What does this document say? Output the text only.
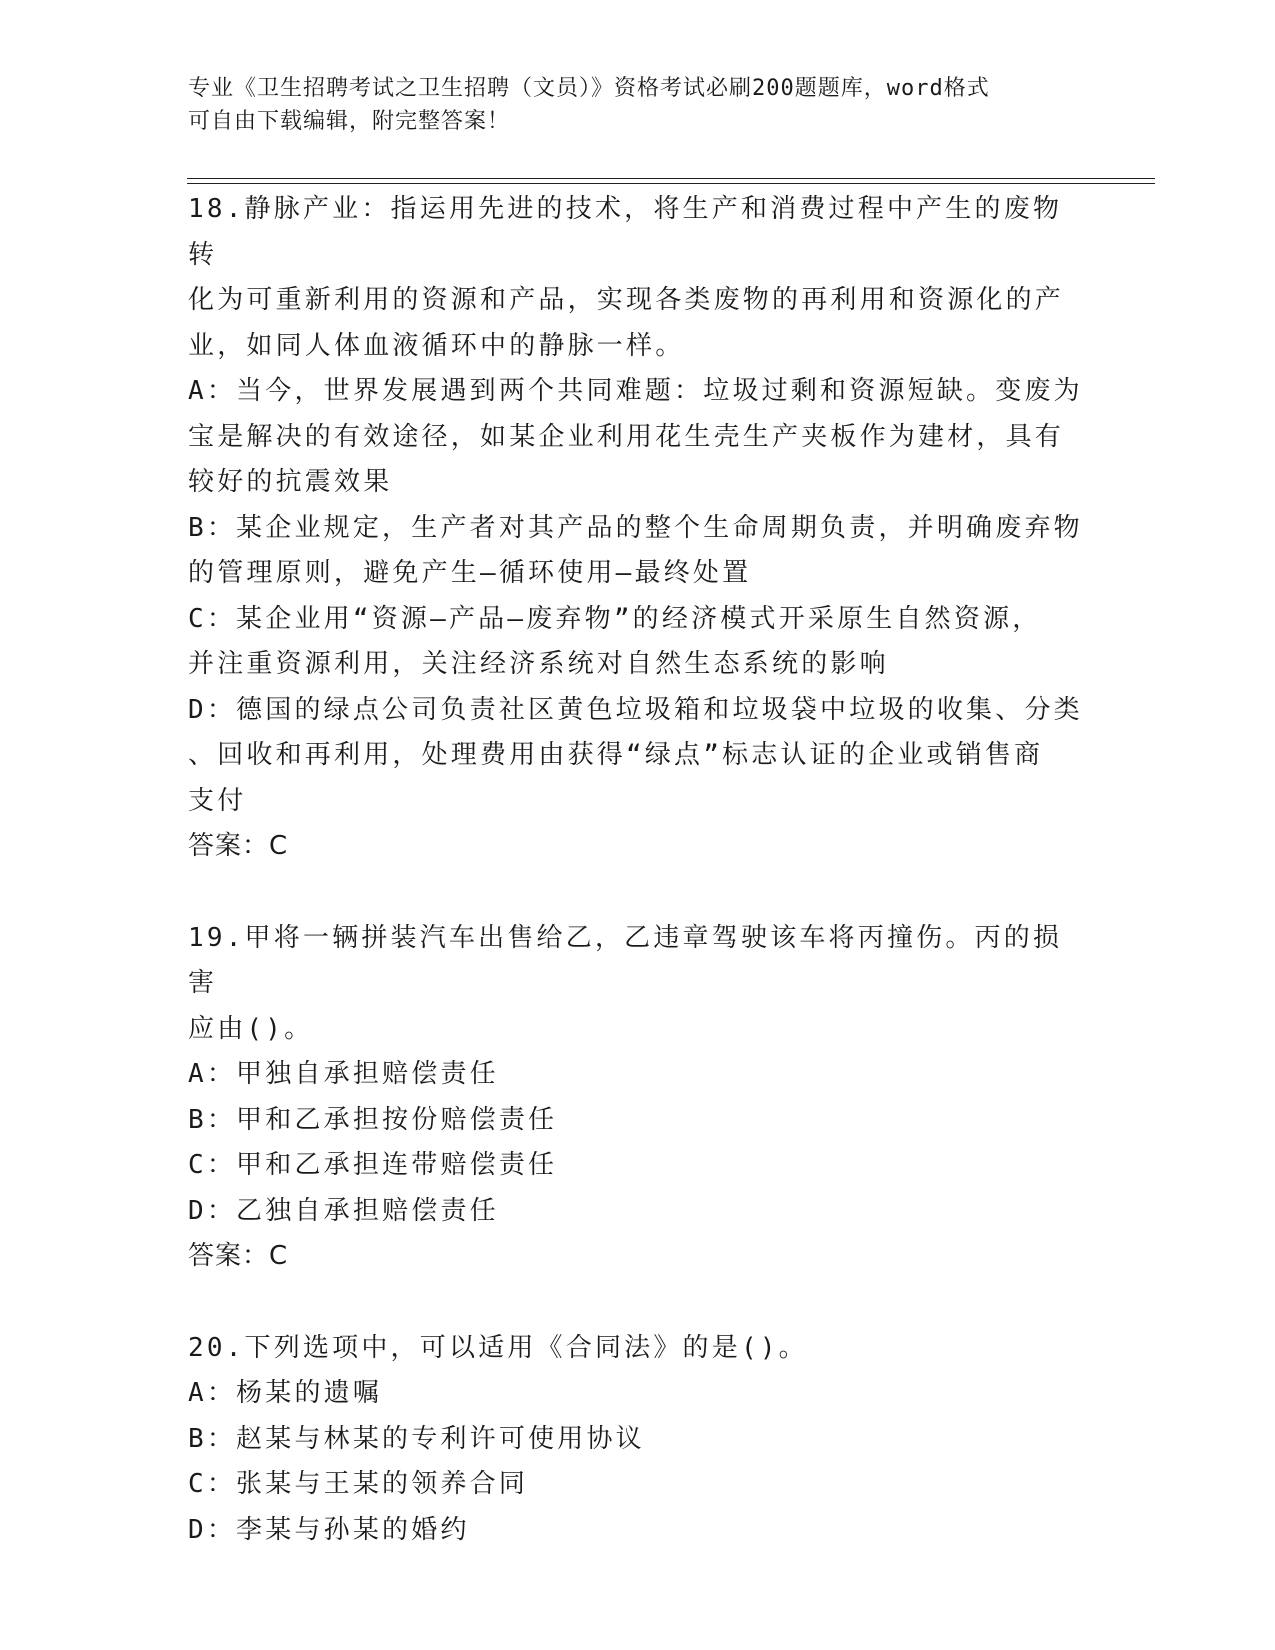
专业《卫生招聘考试之卫生招聘（文员）》资格考试必刷200题题库，word格式
可自由下载编辑，附完整答案！
18.静脉产业：指运用先进的技术，将生产和消费过程中产生的废物转
化为可重新利用的资源和产品，实现各类废物的再利用和资源化的产
业，如同人体血液循环中的静脉一样。
A：当今，世界发展遇到两个共同难题：垃圾过剩和资源短缺。变废为
宝是解决的有效途径，如某企业利用花生壳生产夹板作为建材，具有
较好的抗震效果
B：某企业规定，生产者对其产品的整个生命周期负责，并明确废弃物
的管理原则，避免产生—循环使用—最终处置
C：某企业用“资源—产品—废弃物”的经济模式开采原生自然资源，
并注重资源利用，关注经济系统对自然生态系统的影响
D：德国的绿点公司负责社区黄色垃圾箱和垃圾袋中垃圾的收集、分类
、回收和再利用，处理费用由获得“绿点”标志认证的企业或销售商
支付
答案：C
19.甲将一辆拼装汽车出售给乙，乙违章驾驶该车将丙撞伤。丙的损害
应由()。
A：甲独自承担赔偿责任
B：甲和乙承担按份赔偿责任
C：甲和乙承担连带赔偿责任
D：乙独自承担赔偿责任
答案：C
20.下列选项中，可以适用《合同法》的是()。
A：杨某的遗嘱
B：赵某与林某的专利许可使用协议
C：张某与王某的领养合同
D：李某与孙某的婚约
